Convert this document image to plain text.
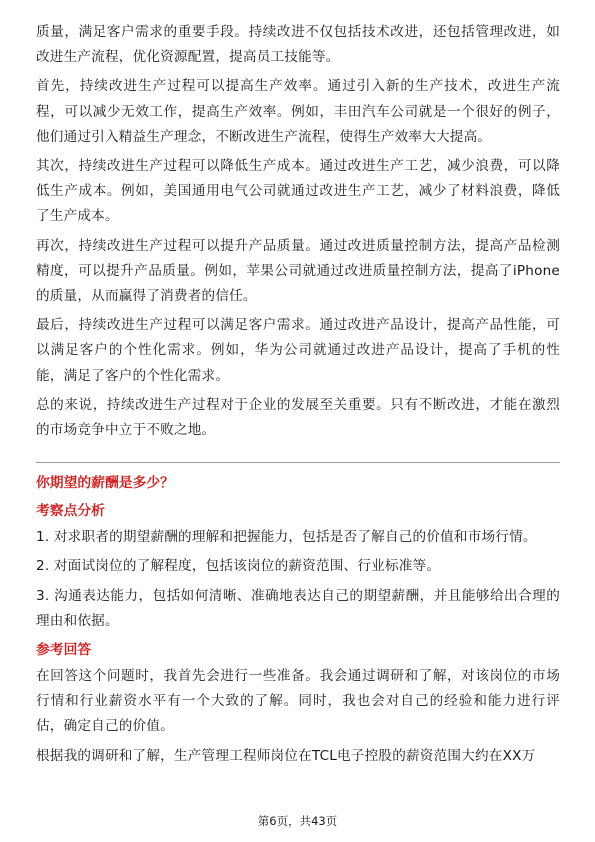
质量，满足客户需求的重要手段。持续改进不仅包括技术改进，还包括管理改进，如改进生产流程，优化资源配置，提高员工技能等。

首先，持续改进生产过程可以提高生产效率。通过引入新的生产技术，改进生产流程，可以减少无效工作，提高生产效率。例如，丰田汽车公司就是一个很好的例子，他们通过引入精益生产理念，不断改进生产流程，使得生产效率大大提高。

其次，持续改进生产过程可以降低生产成本。通过改进生产工艺，减少浪费，可以降低生产成本。例如，美国通用电气公司就通过改进生产工艺，减少了材料浪费，降低了生产成本。

再次，持续改进生产过程可以提升产品质量。通过改进质量控制方法，提高产品检测精度，可以提升产品质量。例如，苹果公司就通过改进质量控制方法，提高了iPhone的质量，从而赢得了消费者的信任。

最后，持续改进生产过程可以满足客户需求。通过改进产品设计，提高产品性能，可以满足客户的个性化需求。例如，华为公司就通过改进产品设计，提高了手机的性能，满足了客户的个性化需求。

总的来说，持续改进生产过程对于企业的发展至关重要。只有不断改进，才能在激烈的市场竞争中立于不败之地。

你期望的薪酬是多少？
考察点分析

1. 对求职者的期望薪酬的理解和把握能力，包括是否了解自己的价值和市场行情。

2. 对面试岗位的了解程度，包括该岗位的薪资范围、行业标准等。

3. 沟通表达能力，包括如何清晰、准确地表达自己的期望薪酬，并且能够给出合理的理由和依据。

参考回答

在回答这个问题时，我首先会进行一些准备。我会通过调研和了解，对该岗位的市场行情和行业薪资水平有一个大致的了解。同时，我也会对自己的经验和能力进行评估，确定自己的价值。

根据我的调研和了解，生产管理工程师岗位在TCL电子控股的薪资范围大约在XX万

第6页，共43页
